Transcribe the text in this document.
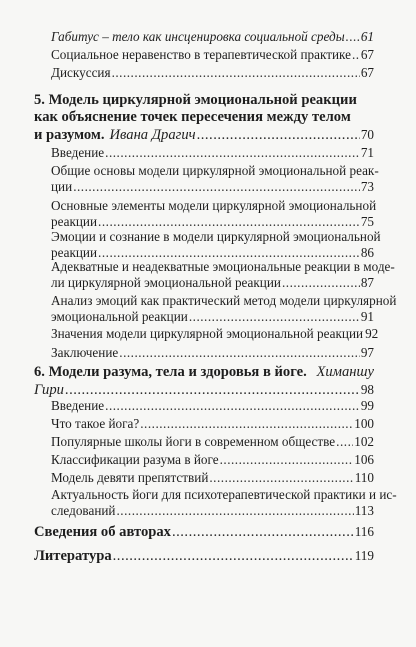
Габитус – тело как инсценировка социальной среды ..... 61
Социальное неравенство в терапевтической практике ..... 67
Дискуссия .....	67
5. Модель циркулярной эмоциональной реакции
как объяснение точек пересечения между телом
и разумом. Ивана Драгич .....	70
Введение .....	71
Общие основы модели циркулярной эмоциональной реак-
ции .....	73
Основные элементы модели циркулярной эмоциональной
реакции .....	75
Эмоции и сознание в модели циркулярной эмоциональной
реакции .....	86
Адекватные и неадекватные эмоциональные реакции в моде-
ли циркулярной эмоциональной реакции .....	87
Анализ эмоций как практический метод модели циркулярной
эмоциональной реакции .....	91
Значения модели циркулярной эмоциональной реакции 92
Заключение .....	97
6. Модели разума, тела и здоровья в йоге. Химаншу
Гири .....	98
Введение .....	99
Что такое йога? .....	100
Популярные школы йоги в современном обществе ..... 102
Классификации разума в йоге .....	106
Модель девяти препятствий .....	110
Актуальность йоги для психотерапевтической практики и ис-
следований .....	113
Сведения об авторах .....	116
Литература .....	119
